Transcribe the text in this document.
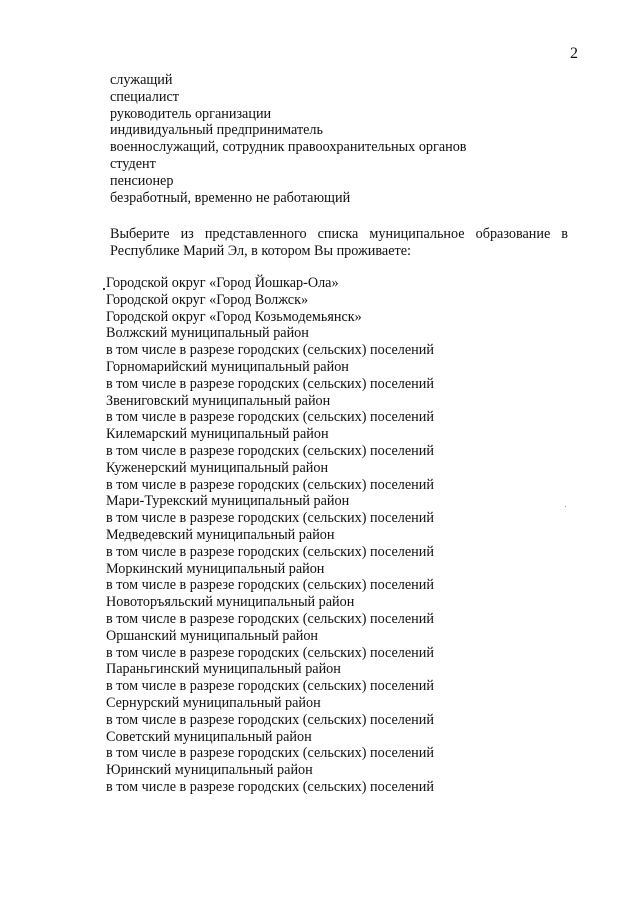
2
служащий
специалист
руководитель организации
индивидуальный предприниматель
военнослужащий, сотрудник правоохранительных органов
студент
пенсионер
безработный, временно не работающий
Выберите из представленного списка муниципальное образование в Республике Марий Эл, в котором Вы проживаете:
Городской округ «Город Йошкар-Ола»
Городской округ «Город Волжск»
Городской округ «Город Козьмодемьянск»
Волжский муниципальный район
в том числе в разрезе городских (сельских) поселений
Горномарийский муниципальный район
в том числе в разрезе городских (сельских) поселений
Звениговский муниципальный район
в том числе в разрезе городских (сельских) поселений
Килемарский муниципальный район
в том числе в разрезе городских (сельских) поселений
Куженерский муниципальный район
в том числе в разрезе городских (сельских) поселений
Мари-Турекский муниципальный район
в том числе в разрезе городских (сельских) поселений
Медведевский муниципальный район
в том числе в разрезе городских (сельских) поселений
Моркинский муниципальный район
в том числе в разрезе городских (сельских) поселений
Новоторъяльский муниципальный район
в том числе в разрезе городских (сельских) поселений
Оршанский муниципальный район
в том числе в разрезе городских (сельских) поселений
Параньгинский муниципальный район
в том числе в разрезе городских (сельских) поселений
Сернурский муниципальный район
в том числе в разрезе городских (сельских) поселений
Советский муниципальный район
в том числе в разрезе городских (сельских) поселений
Юринский муниципальный район
в том числе в разрезе городских (сельских) поселений
